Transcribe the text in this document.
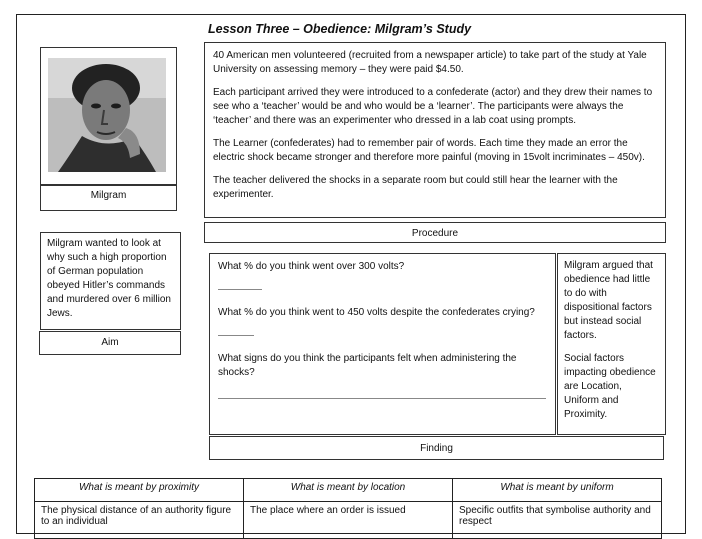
Lesson Three – Obedience: Milgram’s Study
Milgram

40 American men volunteered (recruited from a newspaper article) to take part of the study at Yale University on assessing memory – they were paid $4.50.

Each participant arrived they were introduced to a confederate (actor) and they drew their names to see who a ‘teacher’ would be and who would be a ‘learner’. The participants were always the ‘teacher’ and there was an experimenter who dressed in a lab coat using prompts.

The Learner (confederates) had to remember pair of words. Each time they made an error the electric shock became stronger and therefore more painful (moving in 15volt incriminates – 450v).

The teacher delivered the shocks in a separate room but could still hear the learner with the experimenter.

Procedure
Milgram wanted to look at why such a high proportion of German population obeyed Hitler’s commands and murdered over 6 million Jews.
Aim
What % do you think went over 300 volts?
What % do you think went to 450 volts despite the confederates crying?
What signs do you think the participants felt when administering the shocks?

Milgram argued that obedience had little to do with dispositional factors but instead social factors.

Social factors impacting obedience are Location, Uniform and Proximity.

Finding
What is meant by proximity	What is meant by location	What is meant by uniform
The physical distance of an authority figure to an individual	The place where an order is issued	Specific outfits that symbolise authority and respect
